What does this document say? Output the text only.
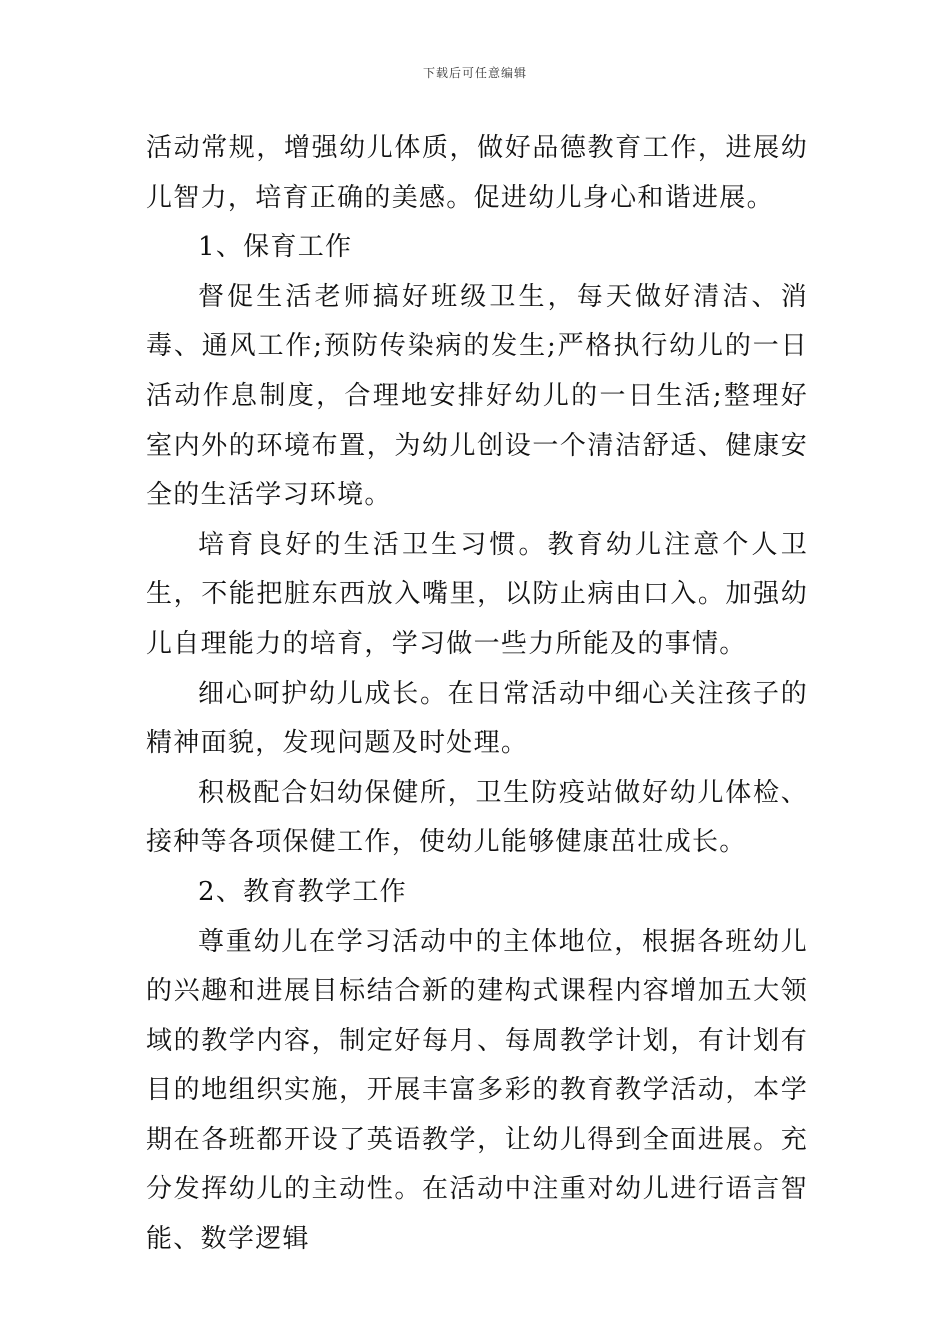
下载后可任意编辑

活动常规，增强幼儿体质，做好品德教育工作，进展幼儿智力，培育正确的美感。促进幼儿身心和谐进展。

1、保育工作

督促生活老师搞好班级卫生，每天做好清洁、消毒、通风工作;预防传染病的发生;严格执行幼儿的一日活动作息制度，合理地安排好幼儿的一日生活;整理好室内外的环境布置，为幼儿创设一个清洁舒适、健康安全的生活学习环境。

培育良好的生活卫生习惯。教育幼儿注意个人卫生，不能把脏东西放入嘴里，以防止病由口入。加强幼儿自理能力的培育，学习做一些力所能及的事情。

细心呵护幼儿成长。在日常活动中细心关注孩子的精神面貌，发现问题及时处理。

积极配合妇幼保健所，卫生防疫站做好幼儿体检、接种等各项保健工作，使幼儿能够健康茁壮成长。

2、教育教学工作

尊重幼儿在学习活动中的主体地位，根据各班幼儿的兴趣和进展目标结合新的建构式课程内容增加五大领域的教学内容，制定好每月、每周教学计划，有计划有目的地组织实施，开展丰富多彩的教育教学活动，本学期在各班都开设了英语教学，让幼儿得到全面进展。充分发挥幼儿的主动性。在活动中注重对幼儿进行语言智能、数学逻辑
